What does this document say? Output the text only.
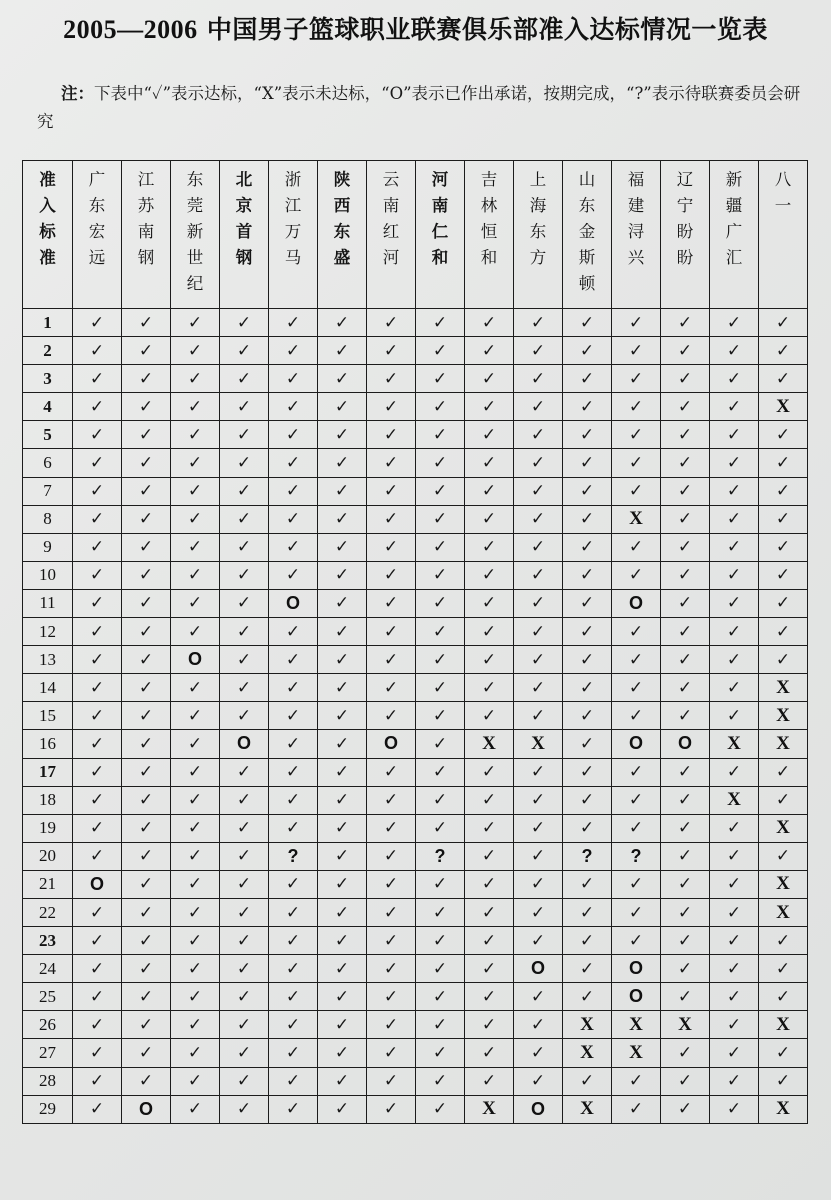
2005—2006 中国男子篮球职业联赛俱乐部准入达标情况一览表
注：下表中“✓”表示达标，“X”表示未达标，“O”表示已作出承诺，按期完成，“?”表示待联赛委员会研究
准入标准	广东宏远	江苏南钢	东莞新世纪	北京首钢	浙江万马	陕西东盛	云南红河	河南仁和	吉林恒和	上海东方	山东金斯顿	福建浔兴	辽宁盼盼	新疆广汇	八一
1	✓	✓	✓	✓	✓	✓	✓	✓	✓	✓	✓	✓	✓	✓	✓
2	✓	✓	✓	✓	✓	✓	✓	✓	✓	✓	✓	✓	✓	✓	✓
3	✓	✓	✓	✓	✓	✓	✓	✓	✓	✓	✓	✓	✓	✓	✓
4	✓	✓	✓	✓	✓	✓	✓	✓	✓	✓	✓	✓	✓	✓	X
5	✓	✓	✓	✓	✓	✓	✓	✓	✓	✓	✓	✓	✓	✓	✓
6	✓	✓	✓	✓	✓	✓	✓	✓	✓	✓	✓	✓	✓	✓	✓
7	✓	✓	✓	✓	✓	✓	✓	✓	✓	✓	✓	✓	✓	✓	✓
8	✓	✓	✓	✓	✓	✓	✓	✓	✓	✓	✓	X	✓	✓	✓
9	✓	✓	✓	✓	✓	✓	✓	✓	✓	✓	✓	✓	✓	✓	✓
10	✓	✓	✓	✓	✓	✓	✓	✓	✓	✓	✓	✓	✓	✓	✓
11	✓	✓	✓	✓	O	✓	✓	✓	✓	✓	✓	O	✓	✓	✓
12	✓	✓	✓	✓	✓	✓	✓	✓	✓	✓	✓	✓	✓	✓	✓
13	✓	✓	O	✓	✓	✓	✓	✓	✓	✓	✓	✓	✓	✓	✓
14	✓	✓	✓	✓	✓	✓	✓	✓	✓	✓	✓	✓	✓	✓	X
15	✓	✓	✓	✓	✓	✓	✓	✓	✓	✓	✓	✓	✓	✓	X
16	✓	✓	✓	O	✓	✓	O	✓	X	X	✓	O	O	X	X
17	✓	✓	✓	✓	✓	✓	✓	✓	✓	✓	✓	✓	✓	✓	✓
18	✓	✓	✓	✓	✓	✓	✓	✓	✓	✓	✓	✓	✓	X	✓
19	✓	✓	✓	✓	✓	✓	✓	✓	✓	✓	✓	✓	✓	✓	X
20	✓	✓	✓	✓	?	✓	✓	?	✓	✓	?	?	✓	✓	✓
21	O	✓	✓	✓	✓	✓	✓	✓	✓	✓	✓	✓	✓	✓	X
22	✓	✓	✓	✓	✓	✓	✓	✓	✓	✓	✓	✓	✓	✓	X
23	✓	✓	✓	✓	✓	✓	✓	✓	✓	✓	✓	✓	✓	✓	✓
24	✓	✓	✓	✓	✓	✓	✓	✓	✓	O	✓	O	✓	✓	✓
25	✓	✓	✓	✓	✓	✓	✓	✓	✓	✓	✓	O	✓	✓	✓
26	✓	✓	✓	✓	✓	✓	✓	✓	✓	✓	X	X	X	✓	X
27	✓	✓	✓	✓	✓	✓	✓	✓	✓	✓	X	X	✓	✓	✓
28	✓	✓	✓	✓	✓	✓	✓	✓	✓	✓	✓	✓	✓	✓	✓
29	✓	O	✓	✓	✓	✓	✓	✓	X	O	X	✓	✓	✓	X
